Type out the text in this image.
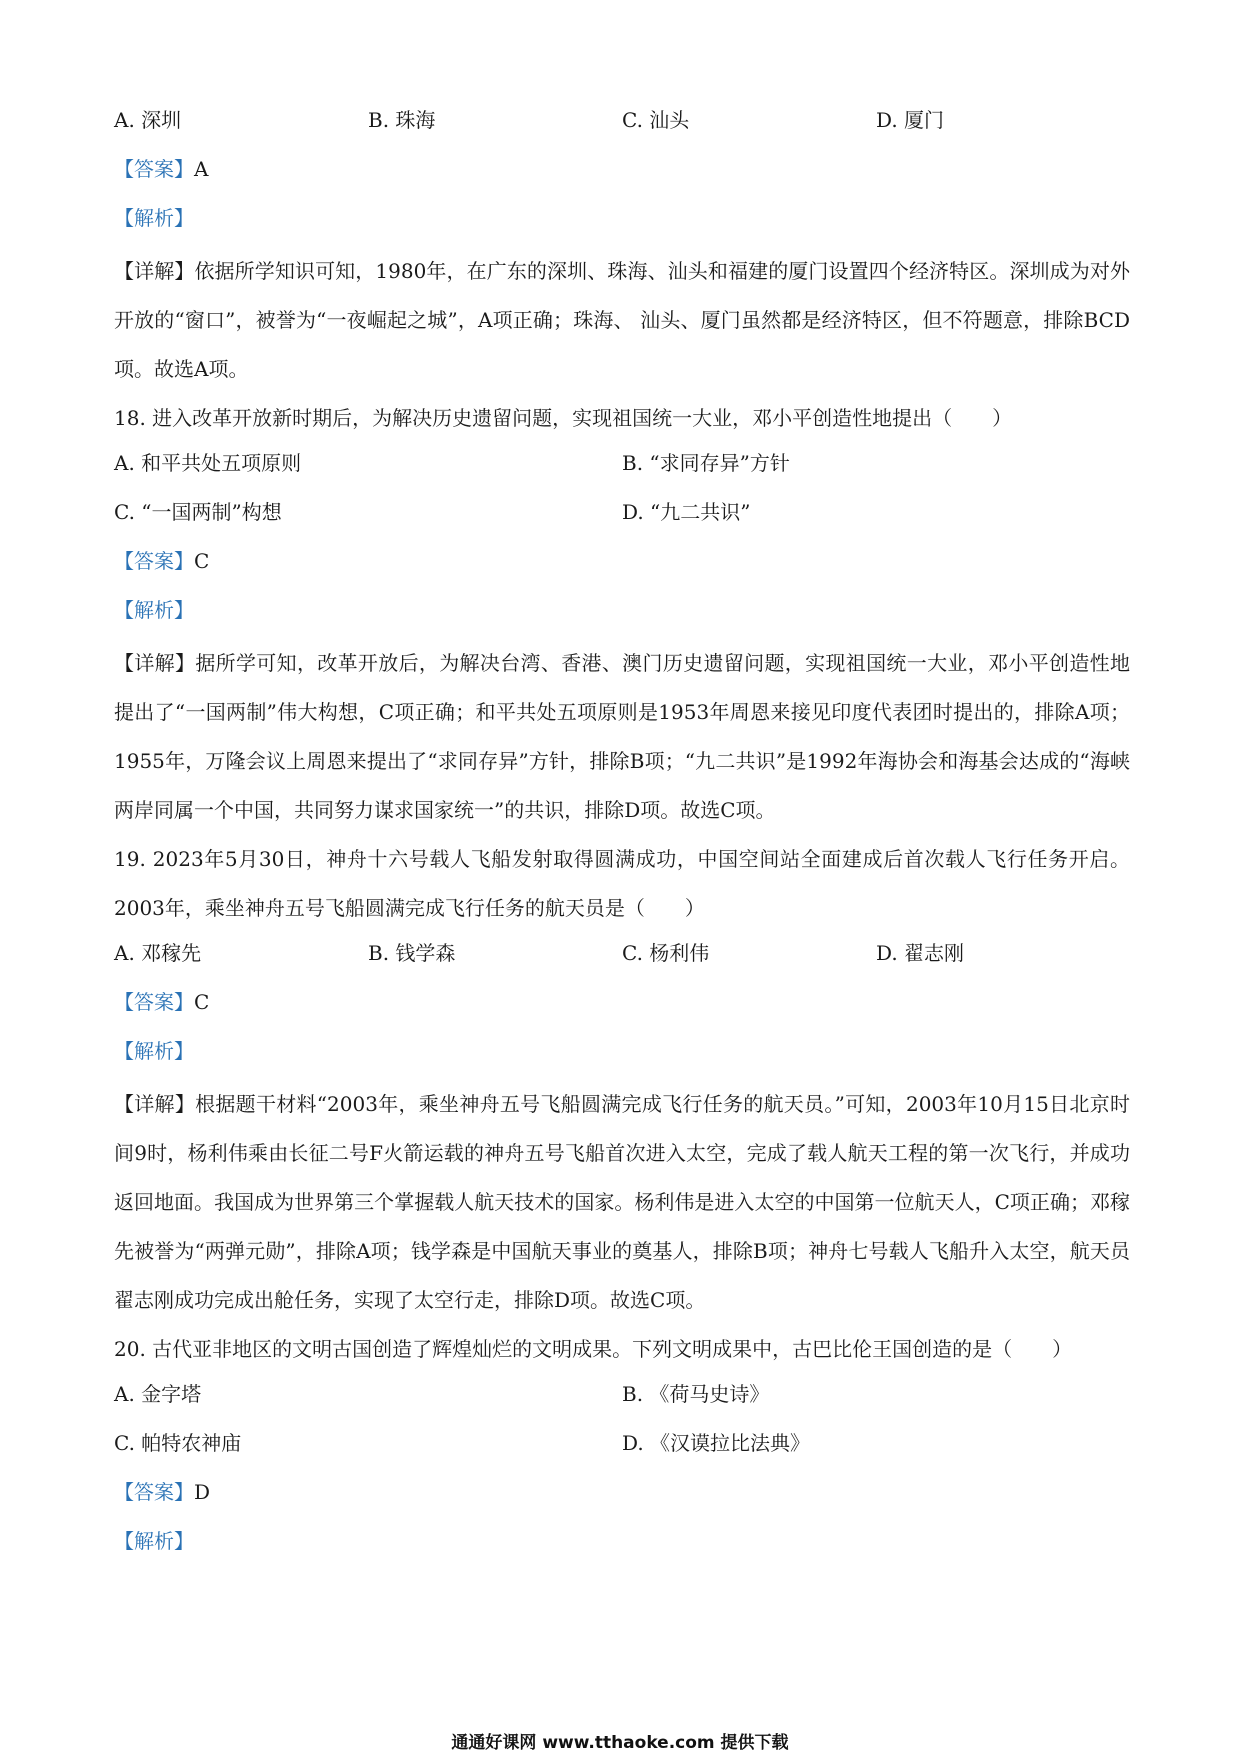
A. 深圳	B. 珠海	C. 汕头	D. 厦门
【答案】A
【解析】
【详解】依据所学知识可知，1980年，在广东的深圳、珠海、汕头和福建的厦门设置四个经济特区。深圳成为对外开放的“窗口”，被誉为“一夜崛起之城”，A项正确；珠海、 汕头、厦门虽然都是经济特区，但不符题意，排除BCD项。故选A项。
18. 进入改革开放新时期后，为解决历史遗留问题，实现祖国统一大业，邓小平创造性地提出（　　）
A. 和平共处五项原则	B. “求同存异”方针
C. “一国两制”构想	D. “九二共识”
【答案】C
【解析】
【详解】据所学可知，改革开放后，为解决台湾、香港、澳门历史遗留问题，实现祖国统一大业，邓小平创造性地提出了“一国两制”伟大构想，C项正确；和平共处五项原则是1953年周恩来接见印度代表团时提出的，排除A项；1955年，万隆会议上周恩来提出了“求同存异”方针，排除B项；“九二共识”是1992年海协会和海基会达成的“海峡两岸同属一个中国，共同努力谋求国家统一”的共识，排除D项。故选C项。
19. 2023年5月30日，神舟十六号载人飞船发射取得圆满成功，中国空间站全面建成后首次载人飞行任务开启。2003年，乘坐神舟五号飞船圆满完成飞行任务的航天员是（　　）
A. 邓稼先	B. 钱学森	C. 杨利伟	D. 翟志刚
【答案】C
【解析】
【详解】根据题干材料“2003年，乘坐神舟五号飞船圆满完成飞行任务的航天员。”可知，2003年10月15日北京时间9时，杨利伟乘由长征二号F火箭运载的神舟五号飞船首次进入太空，完成了载人航天工程的第一次飞行，并成功返回地面。我国成为世界第三个掌握载人航天技术的国家。杨利伟是进入太空的中国第一位航天人，C项正确；邓稼先被誉为“两弹元勋”，排除A项；钱学森是中国航天事业的奠基人，排除B项；神舟七号载人飞船升入太空，航天员翟志刚成功完成出舱任务，实现了太空行走，排除D项。故选C项。
20. 古代亚非地区的文明古国创造了辉煌灿烂的文明成果。下列文明成果中，古巴比伦王国创造的是（　　）
A. 金字塔	B. 《荷马史诗》
C. 帕特农神庙	D. 《汉谟拉比法典》
【答案】D
【解析】
通通好课网 www.tthaoke.com 提供下载
